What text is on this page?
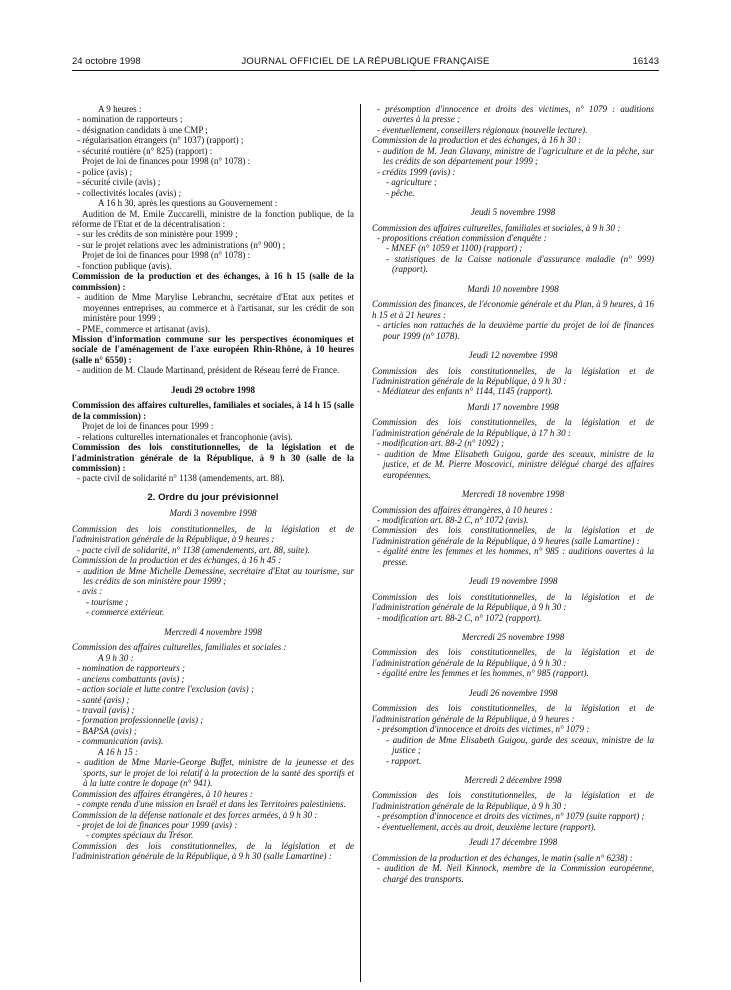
24 octobre 1998	JOURNAL OFFICIEL DE LA RÉPUBLIQUE FRANÇAISE	16143

A 9 heures :

- nomination de rapporteurs ;

- désignation candidats à une CMP ;

- régularisation étrangers (n° 1037) (rapport) ;

- sécurité routière (n° 825) (rapport) :

Projet de loi de finances pour 1998 (n° 1078) :

- police (avis) ;

- sécurité civile (avis) ;

- collectivités locales (avis) ;

A 16 h 30, après les questions au Gouvernement :

Audition de M. Emile Zuccarelli, ministre de la fonction publique, de la réforme de l'Etat et de la décentralisation :

- sur les crédits de son ministère pour 1999 ;

- sur le projet relations avec les administrations (n° 900) ;

Projet de loi de finances pour 1998 (n° 1078) :

- fonction publique (avis).

Commission de la production et des échanges, à 16 h 15 (salle de la commission) :

- audition de Mme Marylise Lebranchu, secrétaire d'Etat aux petites et moyennes entreprises, au commerce et à l'artisanat, sur les crédit de son ministère pour 1999 ;

- PME, commerce et artisanat (avis).

Mission d'information commune sur les perspectives économiques et sociale de l'aménagement de l'axe européen Rhin-Rhône, à 10 heures (salle n° 6550) :

- audition de M. Claude Martinand, président de Réseau ferré de France.

Jeudi 29 octobre 1998

Commission des affaires culturelles, familiales et sociales, à 14 h 15 (salle de la commission) :

Projet de loi de finances pour 1999 :

- relations culturelles internationales et francophonie (avis).

Commission des lois constitutionnelles, de la législation et de l'administration générale de la République, à 9 h 30 (salle de la commission) :

- pacte civil de solidarité n° 1138 (amendements, art. 88).

2. Ordre du jour prévisionnel

Mardi 3 novembre 1998

Commission des lois constitutionnelles, de la législation et de l'administration générale de la République, à 9 heures :

- pacte civil de solidarité, n° 1138 (amendements, art. 88, suite).

Commission de la production et des échanges, à 16 h 45 :

- audition de Mme Michelle Demessine, secrétaire d'Etat au tourisme, sur les crédits de son ministère pour 1999 ;

- avis :

- tourisme ;

- commerce extérieur.

Mercredi 4 novembre 1998

Commission des affaires culturelles, familiales et sociales :

A 9 h 30 :

- nomination de rapporteurs ;

- anciens combattants (avis) ;

- action sociale et lutte contre l'exclusion (avis) ;

- santé (avis) ;

- travail (avis) ;

- formation professionnelle (avis) ;

- BAPSA (avis) ;

- communication (avis).

A 16 h 15 :

- audition de Mme Marie-George Buffet, ministre de la jeunesse et des sports, sur le projet de loi relatif à la protection de la santé des sportifs et à la lutte contre le dopage (n° 941).

Commission des affaires étrangères, à 10 heures :

- compte rendu d'une mission en Israël et dans les Territoires palestiniens.

Commission de la défense nationale et des forces armées, à 9 h 30 :

- projet de loi de finances pour 1999 (avis) :

- comptes spéciaux du Trésor.

Commission des lois constitutionnelles, de la législation et de l'administration générale de la République, à 9 h 30 (salle Lamartine) :

- présomption d'innocence et droits des victimes, n° 1079 : auditions ouvertes à la presse ;

- éventuellement, conseillers régionaux (nouvelle lecture).

Commission de la production et des échanges, à 16 h 30 :

- audition de M. Jean Glavany, ministre de l'agriculture et de la pêche, sur les crédits de son département pour 1999 ;

- crédits 1999 (avis) :

- agriculture ;

- pêche.

Jeudi 5 novembre 1998

Commission des affaires culturelles, familiales et sociales, à 9 h 30 :

- propositions création commission d'enquête :

- MNEF (n° 1059 et 1100) (rapport) ;

- statistiques de la Caisse nationale d'assurance maladie (n° 999) (rapport).

Mardi 10 novembre 1998

Commission des finances, de l'économie générale et du Plan, à 9 heures, à 16 h 15 et à 21 heures :

- articles non rattachés de la deuxième partie du projet de loi de finances pour 1999 (n° 1078).

Jeudi 12 novembre 1998

Commission des lois constitutionnelles, de la législation et de l'administration générale de la République, à 9 h 30 :

- Médiateur des enfants n° 1144, 1145 (rapport).

Mardi 17 novembre 1998

Commission des lois constitutionnelles, de la législation et de l'administration générale de la République, à 17 h 30 :

- modification art. 88-2 (n° 1092) ;

- audition de Mme Elisabeth Guigou, garde des sceaux, ministre de la justice, et de M. Pierre Moscovici, ministre délégué chargé des affaires européennes.

Mercredi 18 novembre 1998

Commission des affaires étrangères, à 10 heures :

- modification art. 88-2 C, n° 1072 (avis).

Commission des lois constitutionnelles, de la législation et de l'administration générale de la République, à 9 heures (salle Lamartine) :

- égalité entre les femmes et les hommes, n° 985 : auditions ouvertes à la presse.

Jeudi 19 novembre 1998

Commission des lois constitutionnelles, de la législation et de l'administration générale de la République, à 9 h 30 :

- modification art. 88-2 C, n° 1072 (rapport).

Mercredi 25 novembre 1998

Commission des lois constitutionnelles, de la législation et de l'administration générale de la République, à 9 h 30 :

- égalité entre les femmes et les hommes, n° 985 (rapport).

Jeudi 26 novembre 1998

Commission des lois constitutionnelles, de la législation et de l'administration générale de la République, à 9 heures :

- présomption d'innocence et droits des victimes, n° 1079 :

- audition de Mme Elisabeth Guigou, garde des sceaux, ministre de la justice ;

- rapport.

Mercredi 2 décembre 1998

Commission des lois constitutionnelles, de la législation et de l'administration générale de la République, à 9 h 30 :

- présomption d'innocence et droits des victimes, n° 1079 (suite rapport) ;

- éventuellement, accès au droit, deuxième lecture (rapport).

Jeudi 17 décembre 1998

Commission de la production et des échanges, le matin (salle n° 6238) :

- audition de M. Neil Kinnock, membre de la Commission européenne, chargé des transports.
